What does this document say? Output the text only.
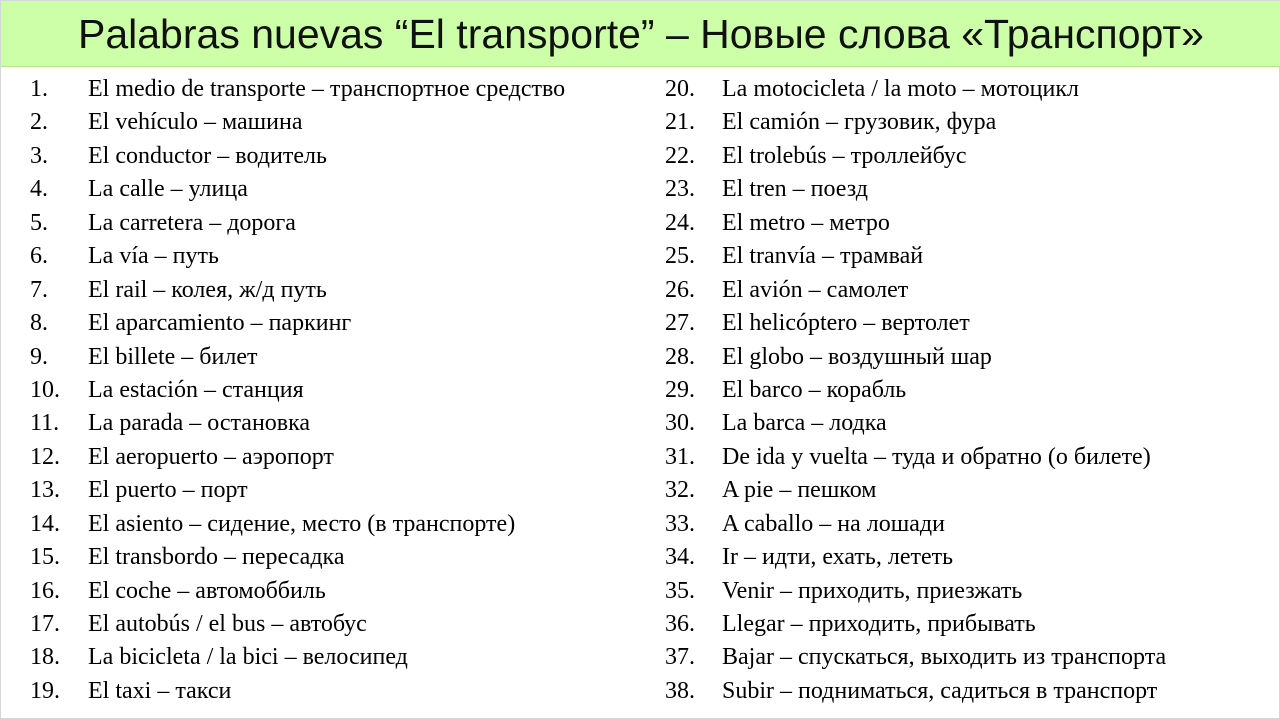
Palabras nuevas “El transporte” – Новые слова «Транспорт»
1.	El medio de transporte – транспортное средство
2.	El vehículo – машина
3.	El conductor – водитель
4.	La calle – улица
5.	La carretera – дорога
6.	La vía – путь
7.	El rail – колея, ж/д путь
8.	El aparcamiento – паркинг
9.	El billete – билет
10.	La estación – станция
11.	La parada – остановка
12.	El aeropuerto – аэропорт
13.	El puerto – порт
14.	El asiento – сидение, место (в транспорте)
15.	El transbordo – пересадка
16.	El coche – автомоббиль
17.	El autobús / el bus – автобус
18.	La bicicleta / la bici – велосипед
19.	El taxi – такси
20.	La motocicleta / la moto – мотоцикл
21.	El camión – грузовик, фура
22.	El trolebús – троллейбус
23.	El tren – поезд
24.	El metro – метро
25.	El tranvía – трамвай
26.	El avión – самолет
27.	El helicóptero – вертолет
28.	El globo – воздушный шар
29.	El barco – корабль
30.	La barca – лодка
31.	De ida y vuelta – туда и обратно (о билете)
32.	A pie – пешком
33.	A caballo – на лошади
34.	Ir – идти, ехать, лететь
35.	Venir – приходить, приезжать
36.	Llegar – приходить, прибывать
37.	Bajar – спускаться, выходить из транспорта
38.	Subir – подниматься, садиться в транспорт
